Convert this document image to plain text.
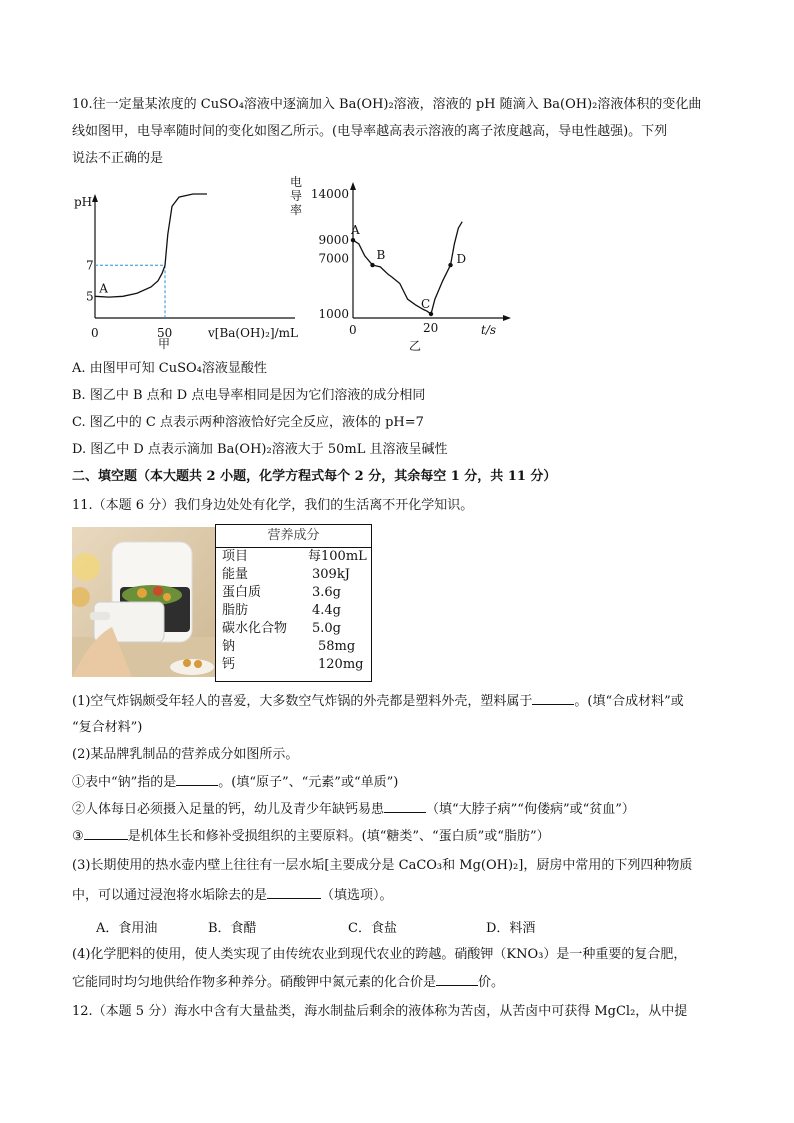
10.往一定量某浓度的 CuSO₄溶液中逐滴加入 Ba(OH)₂溶液，溶液的 pH 随滴入 Ba(OH)₂溶液体积的变化曲
线如图甲，电导率随时间的变化如图乙所示。(电导率越高表示溶液的离子浓度越高，导电性越强)。下列
说法不正确的是
pH
v[Ba(OH)₂]/mL
0	50
5
7
A
甲
电
导
率
t/s
0	20
1000
7000
9000
14000
A
B
C
D
乙
A. 由图甲可知 CuSO₄溶液显酸性
B. 图乙中 B 点和 D 点电导率相同是因为它们溶液的成分相同
C. 图乙中的 C 点表示两种溶液恰好完全反应，液体的 pH=7
D. 图乙中 D 点表示滴加 Ba(OH)₂溶液大于 50mL 且溶液呈碱性
二、填空题（本大题共 2 小题，化学方程式每个 2 分，其余每空 1 分，共 11 分）
11.（本题 6 分）我们身边处处有化学，我们的生活离不开化学知识。
营养成分
项目	每100mL
能量	309kJ
蛋白质	3.6g
脂肪	4.4g
碳水化合物	5.0g
钠	58mg
钙	120mg
(1)空气炸锅颇受年轻人的喜爱，大多数空气炸锅的外壳都是塑料外壳，塑料属于	。(填“合成材料”或
“复合材料”)
(2)某品牌乳制品的营养成分如图所示。
①表中“钠”指的是	。(填“原子”、“元素”或“单质”)
②人体每日必须摄入足量的钙，幼儿及青少年缺钙易患	（填“大脖子病”“佝偻病”或“贫血”）
③	是机体生长和修补受损组织的主要原料。(填“糖类”、“蛋白质”或“脂肪”）
(3)长期使用的热水壶内壁上往往有一层水垢[主要成分是 CaCO₃和 Mg(OH)₂]，厨房中常用的下列四种物质
中，可以通过浸泡将水垢除去的是	（填选项）。
A．食用油	B．食醋	C．食盐	D．料酒
(4)化学肥料的使用，使人类实现了由传统农业到现代农业的跨越。硝酸钾（KNO₃）是一种重要的复合肥，
它能同时均匀地供给作物多种养分。硝酸钾中氮元素的化合价是	价。
12.（本题 5 分）海水中含有大量盐类，海水制盐后剩余的液体称为苦卤，从苦卤中可获得 MgCl₂，从中提
